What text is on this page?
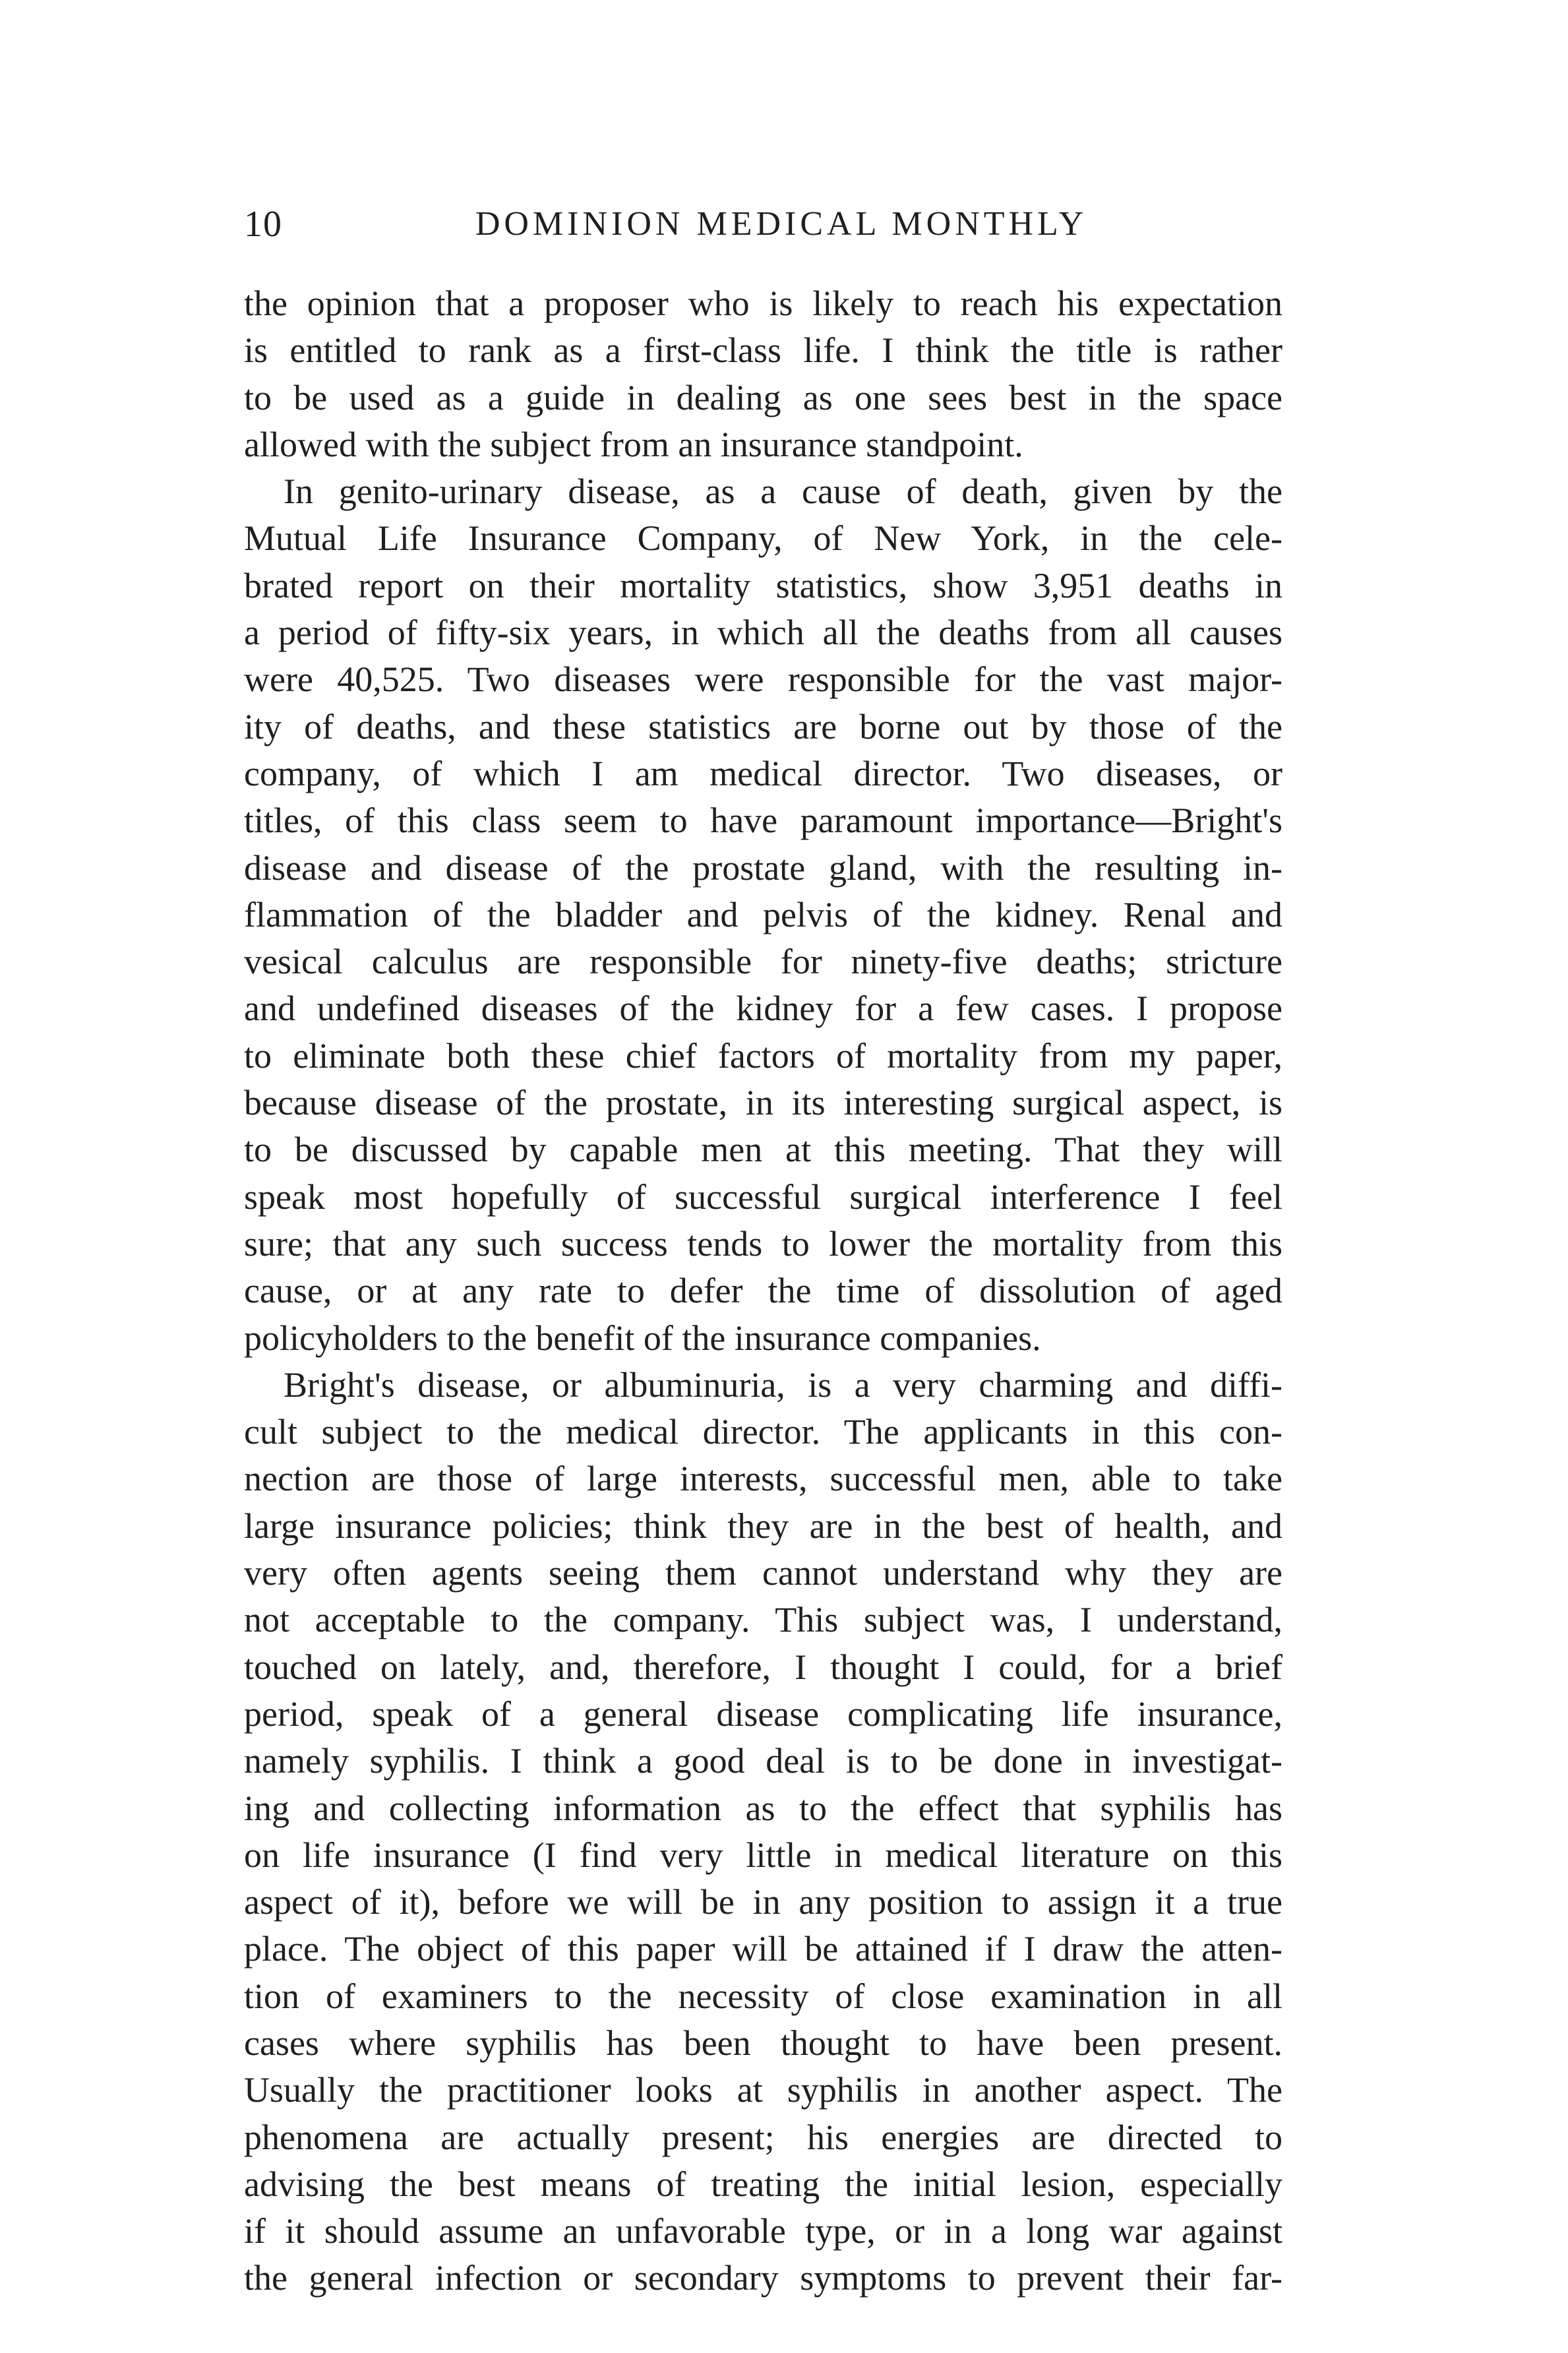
10	DOMINION MEDICAL MONTHLY
the opinion that a proposer who is likely to reach his expectation
is entitled to rank as a first-class life. I think the title is rather
to be used as a guide in dealing as one sees best in the space
allowed with the subject from an insurance standpoint.
In genito-urinary disease, as a cause of death, given by the
Mutual Life Insurance Company, of New York, in the cele-
brated report on their mortality statistics, show 3,951 deaths in
a period of fifty-six years, in which all the deaths from all causes
were 40,525. Two diseases were responsible for the vast major-
ity of deaths, and these statistics are borne out by those of the
company, of which I am medical director. Two diseases, or
titles, of this class seem to have paramount importance—Bright's
disease and disease of the prostate gland, with the resulting in-
flammation of the bladder and pelvis of the kidney. Renal and
vesical calculus are responsible for ninety-five deaths; stricture
and undefined diseases of the kidney for a few cases. I propose
to eliminate both these chief factors of mortality from my paper,
because disease of the prostate, in its interesting surgical aspect, is
to be discussed by capable men at this meeting. That they will
speak most hopefully of successful surgical interference I feel
sure; that any such success tends to lower the mortality from this
cause, or at any rate to defer the time of dissolution of aged
policyholders to the benefit of the insurance companies.
Bright's disease, or albuminuria, is a very charming and diffi-
cult subject to the medical director. The applicants in this con-
nection are those of large interests, successful men, able to take
large insurance policies; think they are in the best of health, and
very often agents seeing them cannot understand why they are
not acceptable to the company. This subject was, I understand,
touched on lately, and, therefore, I thought I could, for a brief
period, speak of a general disease complicating life insurance,
namely syphilis. I think a good deal is to be done in investigat-
ing and collecting information as to the effect that syphilis has
on life insurance (I find very little in medical literature on this
aspect of it), before we will be in any position to assign it a true
place. The object of this paper will be attained if I draw the atten-
tion of examiners to the necessity of close examination in all
cases where syphilis has been thought to have been present.
Usually the practitioner looks at syphilis in another aspect. The
phenomena are actually present; his energies are directed to
advising the best means of treating the initial lesion, especially
if it should assume an unfavorable type, or in a long war against
the general infection or secondary symptoms to prevent their far-
